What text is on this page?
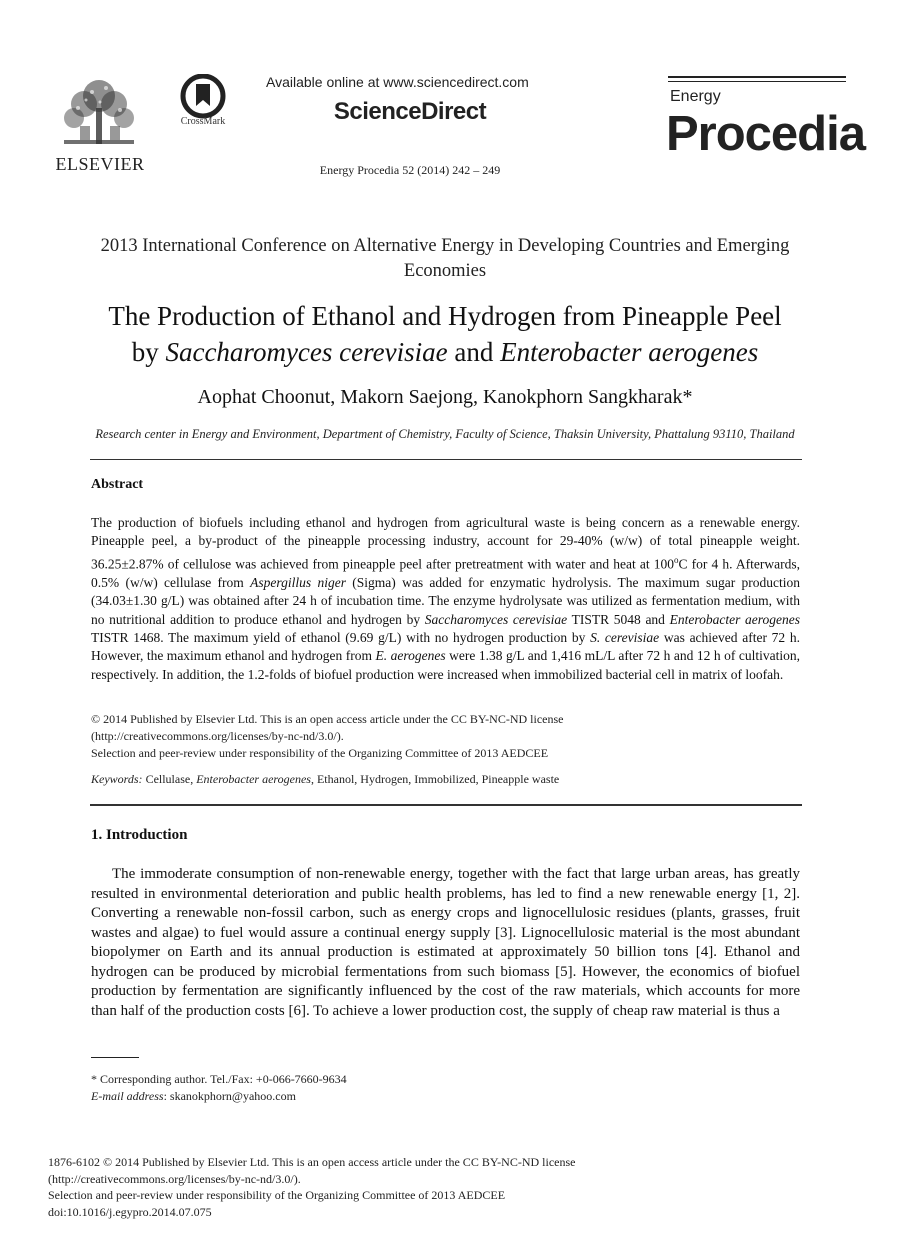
ELSEVIER
CrossMark
Available online at www.sciencedirect.com
ScienceDirect
Energy Procedia 52 (2014) 242 – 249
Energy
Procedia
2013 International Conference on Alternative Energy in Developing Countries and Emerging Economies
The Production of Ethanol and Hydrogen from Pineapple Peel
by Saccharomyces cerevisiae and Enterobacter aerogenes
Aophat Choonut, Makorn Saejong, Kanokphorn Sangkharak*
Research center in Energy and Environment, Department of Chemistry, Faculty of Science, Thaksin University, Phattalung 93110, Thailand
Abstract
The production of biofuels including ethanol and hydrogen from agricultural waste is being concern as a renewable energy. Pineapple peel, a by-product of the pineapple processing industry, account for 29-40% (w/w) of total pineapple weight. 36.25±2.87% of cellulose was achieved from pineapple peel after pretreatment with water and heat at 100$^o$C for 4 h. Afterwards, 0.5% (w/w) cellulase from Aspergillus niger (Sigma) was added for enzymatic hydrolysis. The maximum sugar production (34.03±1.30 g/L) was obtained after 24 h of incubation time. The enzyme hydrolysate was utilized as fermentation medium, with no nutritional addition to produce ethanol and hydrogen by Saccharomyces cerevisiae TISTR 5048 and Enterobacter aerogenes TISTR 1468. The maximum yield of ethanol (9.69 g/L) with no hydrogen production by S. cerevisiae was achieved after 72 h. However, the maximum ethanol and hydrogen from E. aerogenes were 1.38 g/L and 1,416 mL/L after 72 h and 12 h of cultivation, respectively. In addition, the 1.2-folds of biofuel production were increased when immobilized bacterial cell in matrix of loofah.
© 2014 Published by Elsevier Ltd. This is an open access article under the CC BY-NC-ND license
(http://creativecommons.org/licenses/by-nc-nd/3.0/).
Selection and peer-review under responsibility of the Organizing Committee of 2013 AEDCEE
Keywords: Cellulase, Enterobacter aerogenes, Ethanol, Hydrogen, Immobilized, Pineapple waste
1. Introduction

The immoderate consumption of non-renewable energy, together with the fact that large urban areas, has greatly resulted in environmental deterioration and public health problems, has led to find a new renewable energy [1, 2]. Converting a renewable non-fossil carbon, such as energy crops and lignocellulosic residues (plants, grasses, fruit wastes and algae) to fuel would assure a continual energy supply [3]. Lignocellulosic material is the most abundant biopolymer on Earth and its annual production is estimated at approximately 50 billion tons [4]. Ethanol and hydrogen can be produced by microbial fermentations from such biomass [5]. However, the economics of biofuel production by fermentation are significantly influenced by the cost of the raw materials, which accounts for more than half of the production costs [6]. To achieve a lower production cost, the supply of cheap raw material is thus a

* Corresponding author. Tel./Fax: +0-066-7660-9634
E-mail address: skanokphorn@yahoo.com
1876-6102 © 2014 Published by Elsevier Ltd. This is an open access article under the CC BY-NC-ND license
(http://creativecommons.org/licenses/by-nc-nd/3.0/).
Selection and peer-review under responsibility of the Organizing Committee of 2013 AEDCEE
doi:10.1016/j.egypro.2014.07.075
